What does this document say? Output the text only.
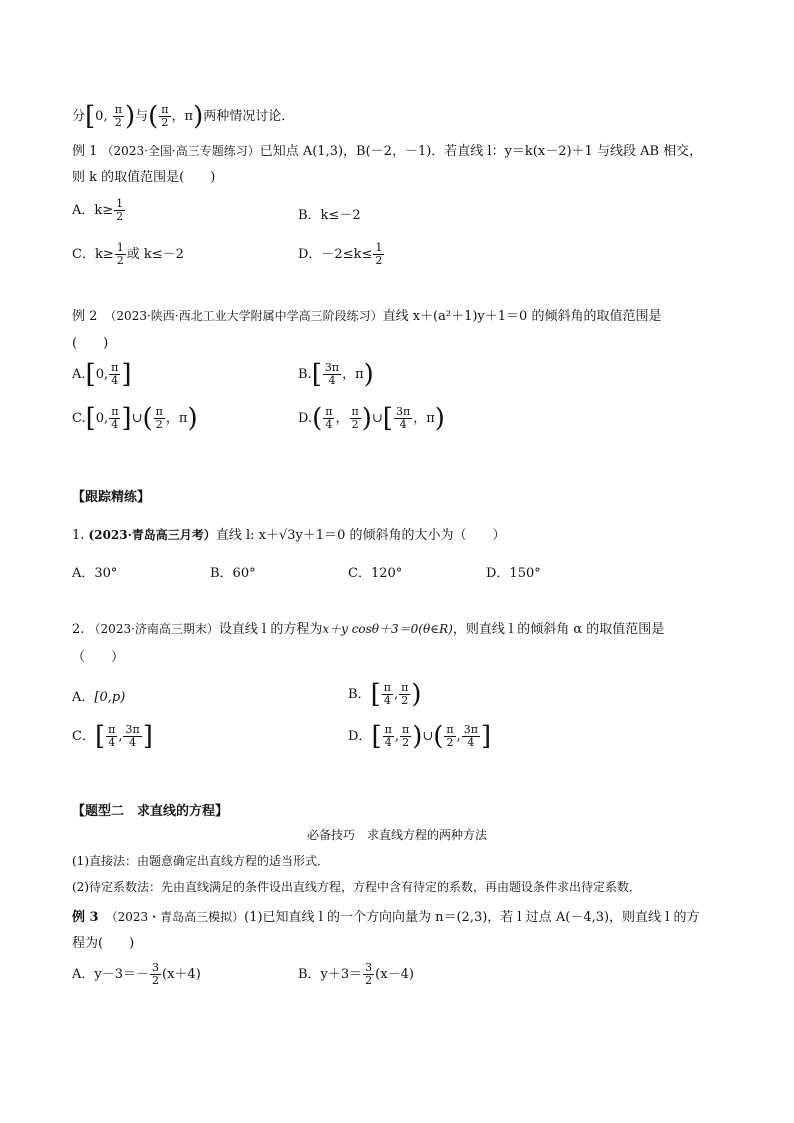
分[0, $\frac{\pi}{2}$ )与( $\frac{\pi}{2}$ ，π)两种情况讨论．
例 1 （2023·全国·高三专题练习）已知点 A(1,3)，B(－2，－1)．若直线 l：y＝k(x－2)＋1 与线段 AB 相交，
则 k 的取值范围是(　　)
A．$k\ge \frac{1}{2}$	B．k≤－2
C．$k\ge \frac{1}{2}$ 或 k≤－2	D．$-2\le k\le \frac{1}{2}$
例 2　 （2023·陕西·西北工业大学附属中学高三阶段练习）直线 x＋(a²＋1)y＋1＝0 的倾斜角的取值范围是
(　　)
A.[0, $\frac{\pi}{4}$ ]	$B.[ \frac{3\pi}{4}$ ，π)
C.[0, $\frac{\pi}{4}$ ]∪( $\frac{\pi}{2}$ ，π)	$D.( \frac{\pi}{4}$ ， $\frac{\pi}{2}$ )∪[ $\frac{3\pi}{4}$ ，π)
【跟踪精练】
1. (2023·青岛高三月考）直线 l: x＋√3y＋1＝0 的倾斜角的大小为（　　）
A．30°	B．60°	C．120°	D．150°
2. （2023·济南高三期末）设直线 l 的方程为x＋y cosθ＋3＝0(θ∈R)，则直线 l 的倾斜角 α 的取值范围是
（　　）
A．[0,p)	B．[ $\frac{\pi}{4}$ , $\frac{\pi}{2}$ )
C．[ $\frac{\pi}{4}$ , $\frac{3\pi}{4}$ ]	D．[ $\frac{\pi}{4}$ , $\frac{\pi}{2}$ )∪( $\frac{\pi}{2}$ , $\frac{3\pi}{4}$ ]
【题型二　求直线的方程】
必备技巧　求直线方程的两种方法
(1)直接法：由题意确定出直线方程的适当形式．
(2)待定系数法：先由直线满足的条件设出直线方程，方程中含有待定的系数，再由题设条件求出待定系数．
例 3　 （2023・青岛高三模拟）(1)已知直线 l 的一个方向向量为 n＝(2,3)，若 l 过点 A(－4,3)，则直线 l 的方
程为(　　)
A．$y-3=- \frac{3}{2} (x+4)$	B．$y+3= \frac{3}{2} (x-4)$
